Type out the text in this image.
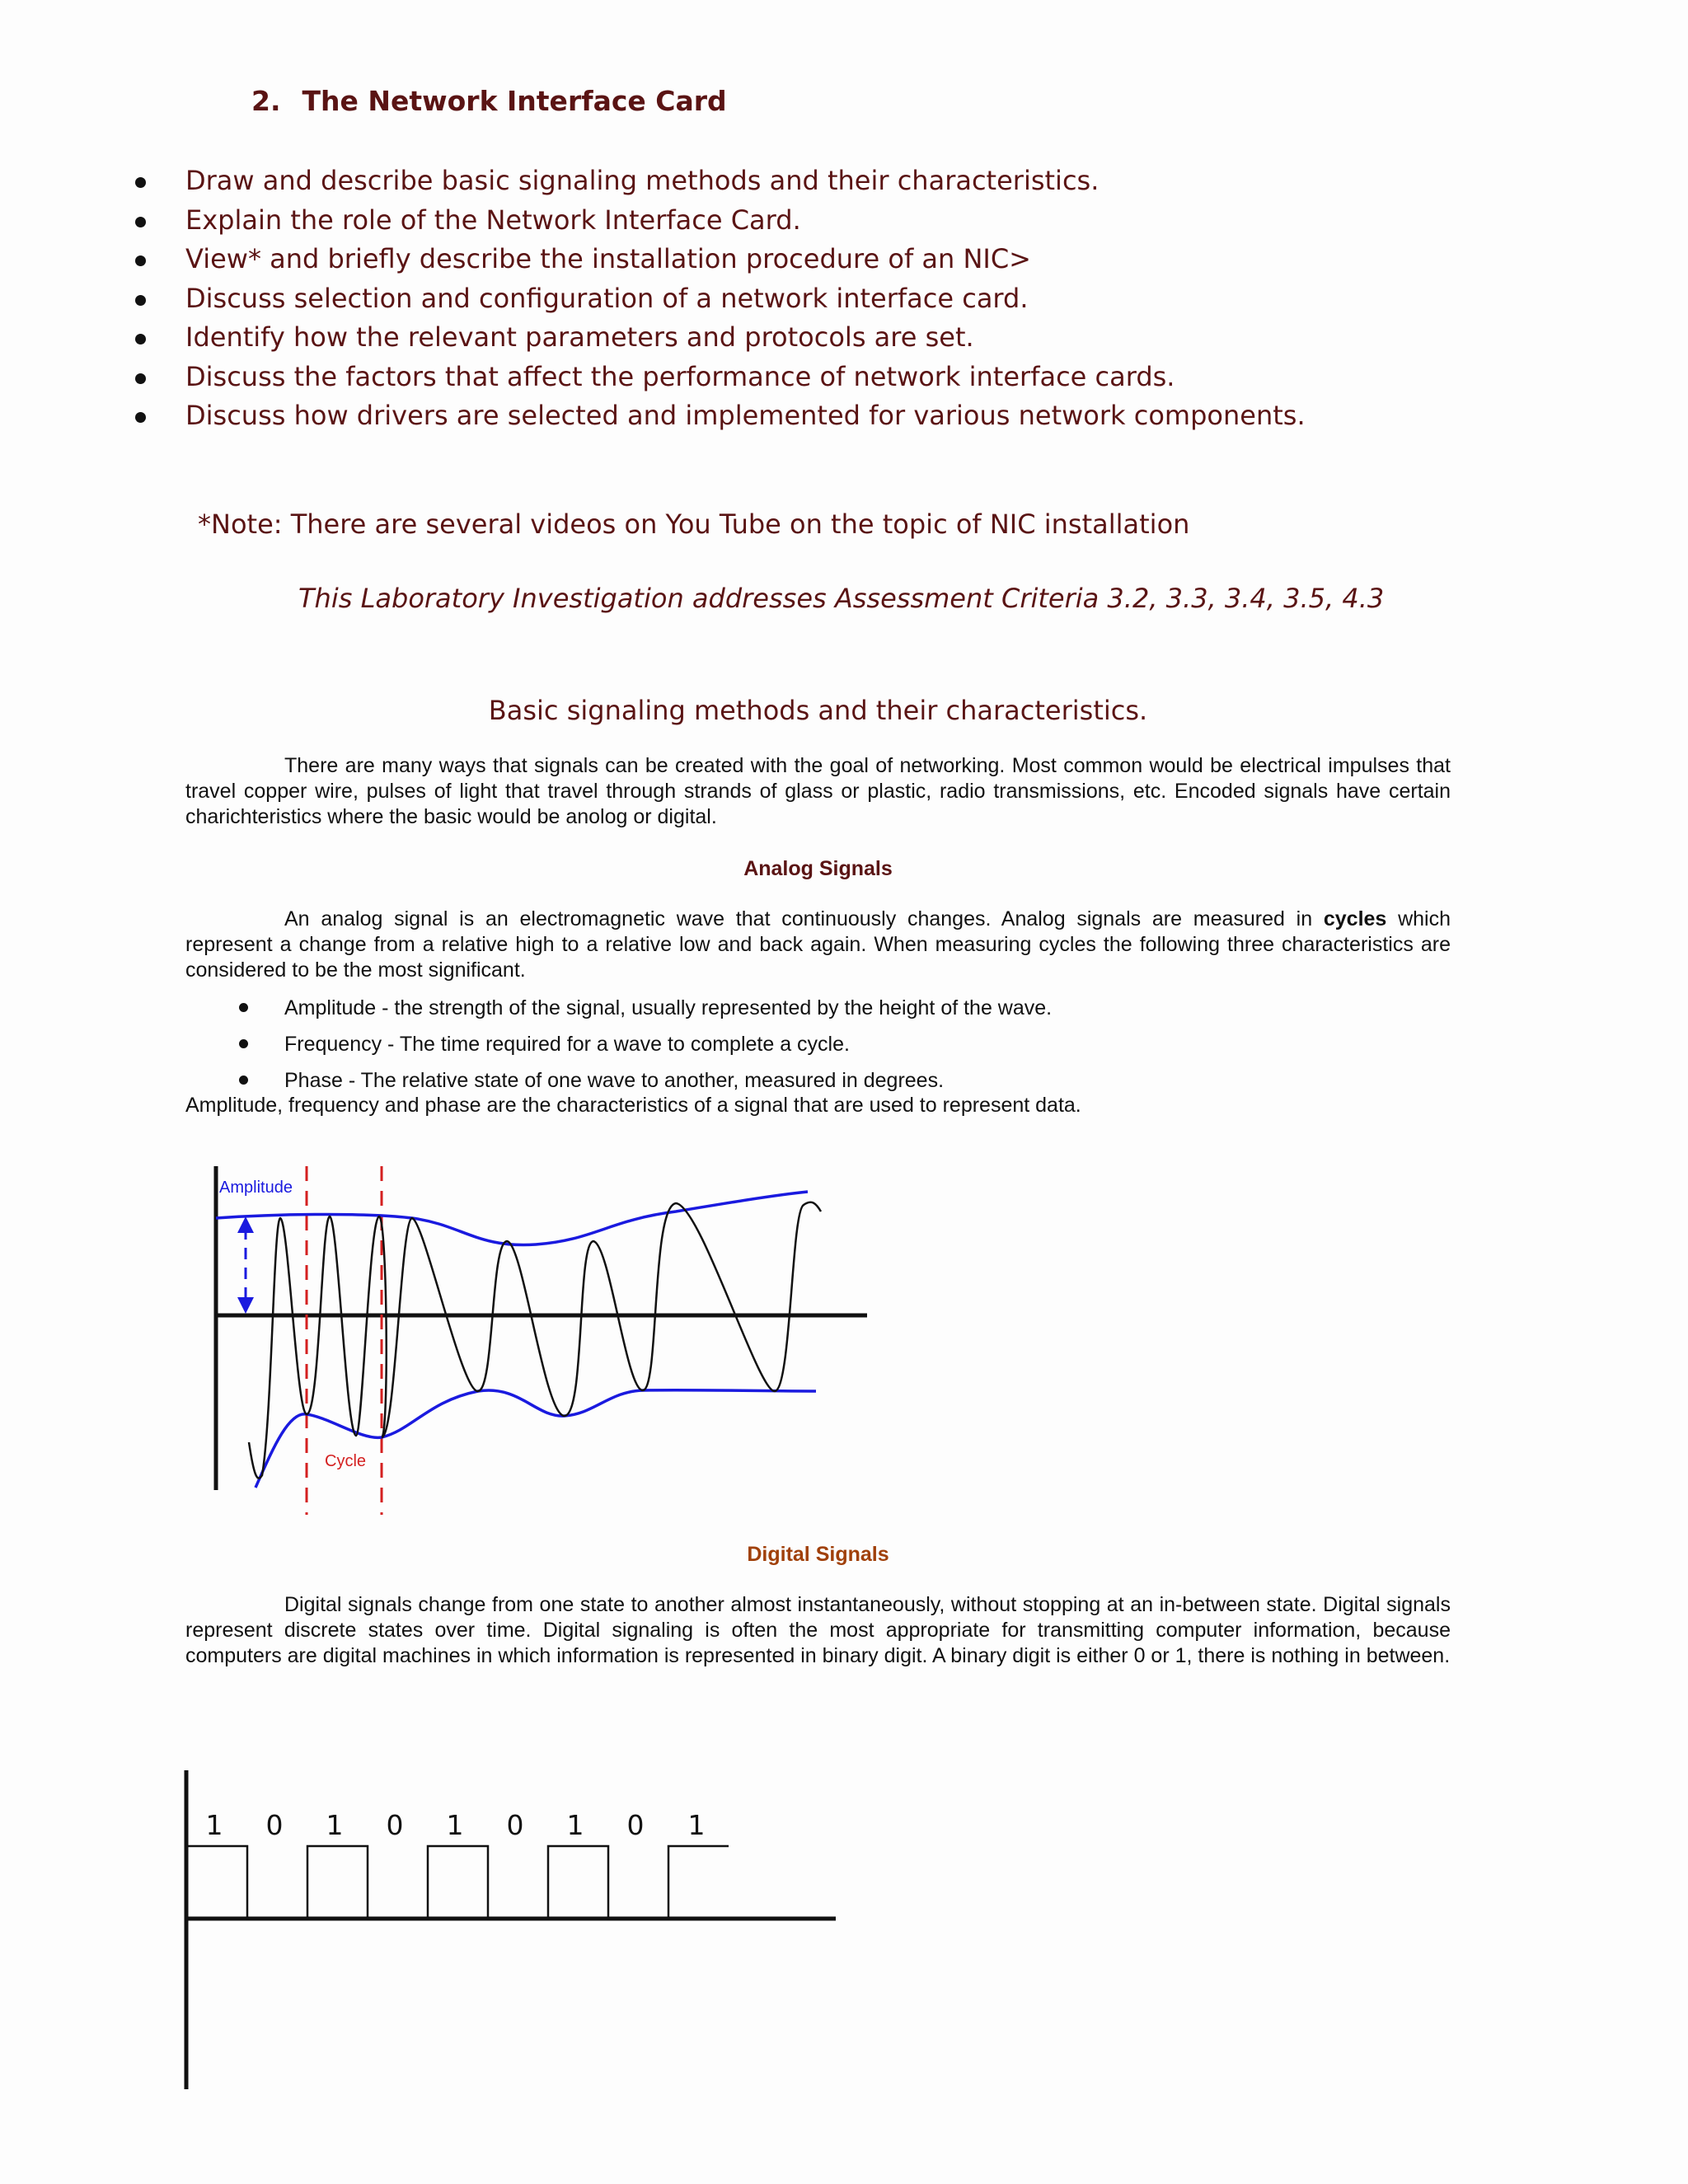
2. The Network Interface Card
Draw and describe basic signaling methods and their characteristics.
Explain the role of the Network Interface Card.
View* and briefly describe the installation procedure of an NIC>
Discuss selection and configuration of a network interface card.
Identify how the relevant parameters and protocols are set.
Discuss the factors that affect the performance of network interface cards.
Discuss how drivers are selected and implemented for various network components.
*Note: There are several videos on You Tube on the topic of NIC installation
This Laboratory Investigation addresses Assessment Criteria 3.2, 3.3, 3.4, 3.5, 4.3
Basic signaling methods and their characteristics.
There are many ways that signals can be created with the goal of networking. Most common would be electrical impulses that travel copper wire, pulses of light that travel through strands of glass or plastic, radio transmissions, etc. Encoded signals have certain charichteristics where the basic would be anolog or digital.
Analog Signals
An analog signal is an electromagnetic wave that continuously changes. Analog signals are measured in cycles which represent a change from a relative high to a relative low and back again. When measuring cycles the following three characteristics are considered to be the most significant.
Amplitude - the strength of the signal, usually represented by the height of the wave.
Frequency - The time required for a wave to complete a cycle.
Phase - The relative state of one wave to another, measured in degrees.
Amplitude, frequency and phase are the characteristics of a signal that are used to represent data.
Amplitude
Cycle
Digital Signals
Digital signals change from one state to another almost instantaneously, without stopping at an in-between state. Digital signals represent discrete states over time. Digital signaling is often the most appropriate for transmitting computer information, because computers are digital machines in which information is represented in binary digit. A binary digit is either 0 or 1, there is nothing in between.
1 0 1 0 1 0 1 0 1
